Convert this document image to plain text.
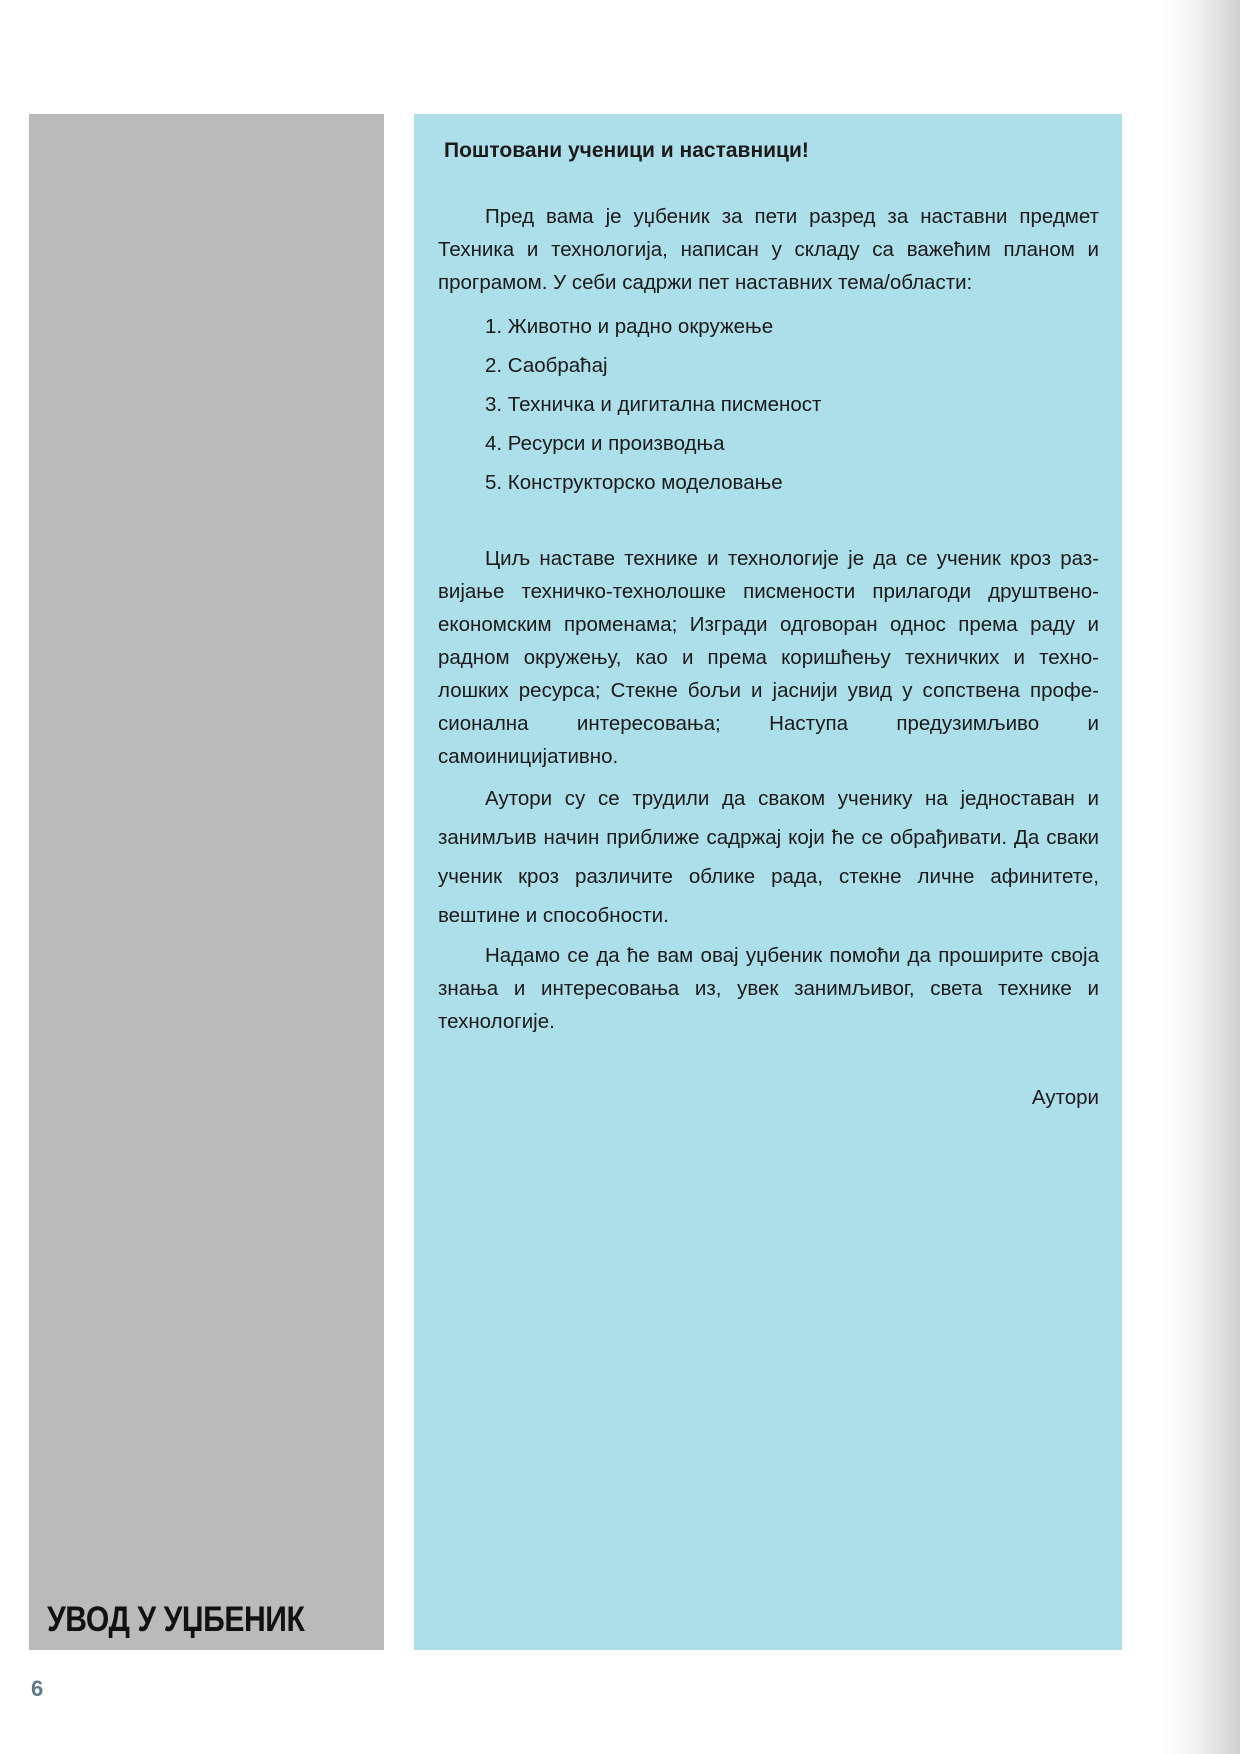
УВОД У УЏБЕНИК

Поштовани ученици и наставници!

Пред вама је уџбеник за пети разред за наставни предмет Техника и технологија, написан у складу са важећим планом и програмом. У себи садржи пет наставних тема/области:

1. Животно и радно окружење
2. Саобраћај
3. Техничка и дигитална писменост
4. Ресурси и производња
5. Конструкторско моделовање

Циљ наставе технике и технологије је да се ученик кроз раз-вијање техничко-технолошке писмености прилагоди друштвено-економским променама; Изгради одговоран однос према раду и радном окружењу, као и према коришћењу техничких и техно-лошких ресурса; Стекне бољи и јаснији увид у сопствена профе-сионална интересовања; Наступа предузимљиво и самоиницијативно.

Аутори су се трудили да сваком ученику на једноставан и занимљив начин приближе садржај који ће се обрађивати. Да сваки ученик кроз различите облике рада, стекне личне афинитете, вештине и способности.

Надамо се да ће вам овај уџбеник помоћи да проширите своја знања и интересовања из, увек занимљивог, света технике и технологије.

Аутори

6
